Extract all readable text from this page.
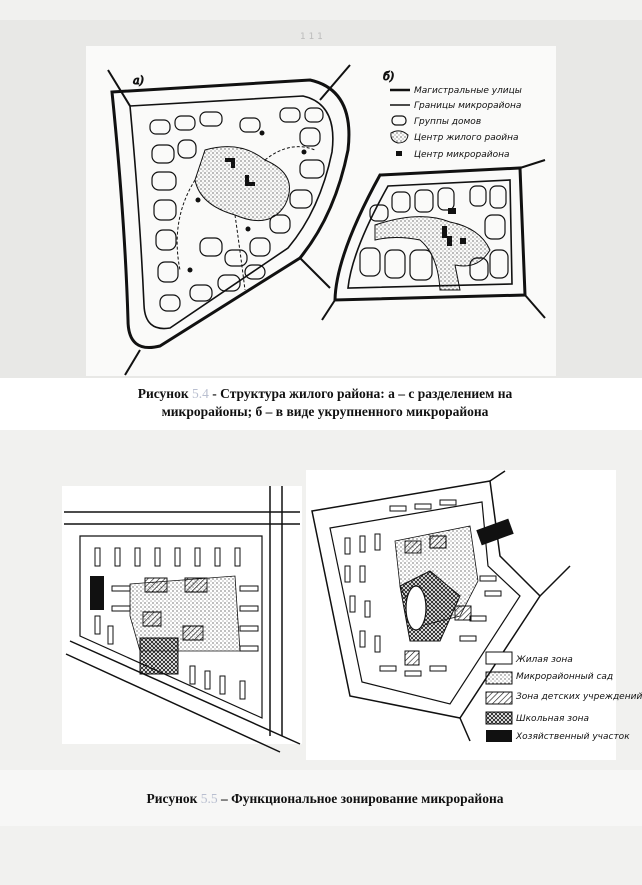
1 1 1
а)	б)
Магистральные улицы
Границы микрорайона
Группы домов
Центр жилого раойна
Центр микрорайона
Рисунок 5.4 - Структура жилого района: а – с разделением на
микрорайоны; б – в виде укрупненного микрорайона
Жилая зона
Микрорайонный сад
Зона детских учреждений
Школьная зона
Хозяйственный участок
Рисунок 5.5 – Функциональное зонирование микрорайона
